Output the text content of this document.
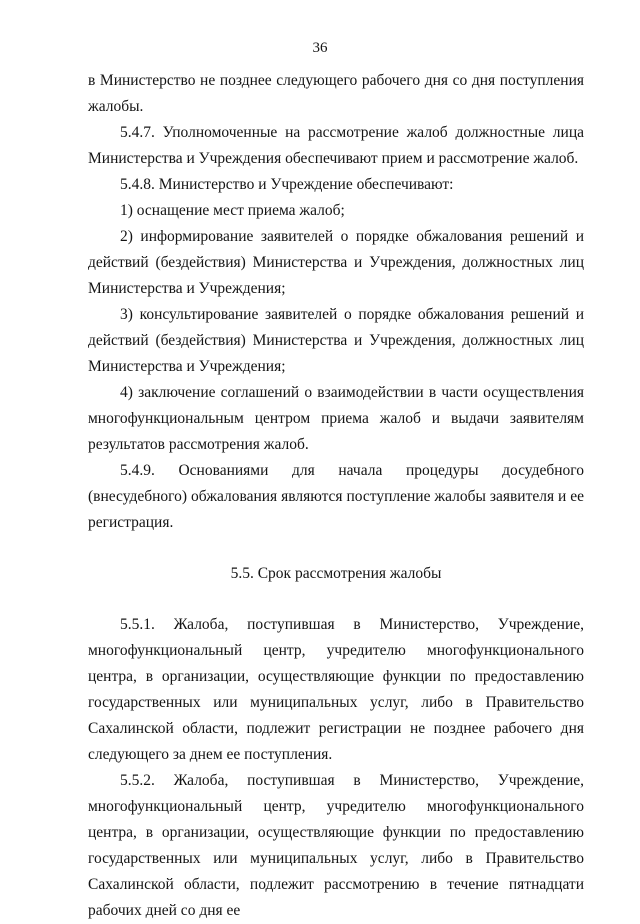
36

в Министерство не позднее следующего рабочего дня со дня поступления жалобы.

5.4.7. Уполномоченные на рассмотрение жалоб должностные лица Министерства и Учреждения обеспечивают прием и рассмотрение жалоб.

5.4.8. Министерство и Учреждение обеспечивают:

1) оснащение мест приема жалоб;

2) информирование заявителей о порядке обжалования решений и действий (бездействия) Министерства и Учреждения, должностных лиц Министерства и Учреждения;

3) консультирование заявителей о порядке обжалования решений и действий (бездействия) Министерства и Учреждения, должностных лиц Министерства и Учреждения;

4) заключение соглашений о взаимодействии в части осуществления многофункциональным центром приема жалоб и выдачи заявителям результатов рассмотрения жалоб.

5.4.9. Основаниями для начала процедуры досудебного (внесудебного) обжалования являются поступление жалобы заявителя и ее регистрация.

5.5. Срок рассмотрения жалобы

5.5.1. Жалоба, поступившая в Министерство, Учреждение, многофункциональный центр, учредителю многофункционального центра, в организации, осуществляющие функции по предоставлению государственных или муниципальных услуг, либо в Правительство Сахалинской области, подлежит регистрации не позднее рабочего дня следующего за днем ее поступления.

5.5.2. Жалоба, поступившая в Министерство, Учреждение, многофункциональный центр, учредителю многофункционального центра, в организации, осуществляющие функции по предоставлению государственных или муниципальных услуг, либо в Правительство Сахалинской области, подлежит рассмотрению в течение пятнадцати рабочих дней со дня ее
